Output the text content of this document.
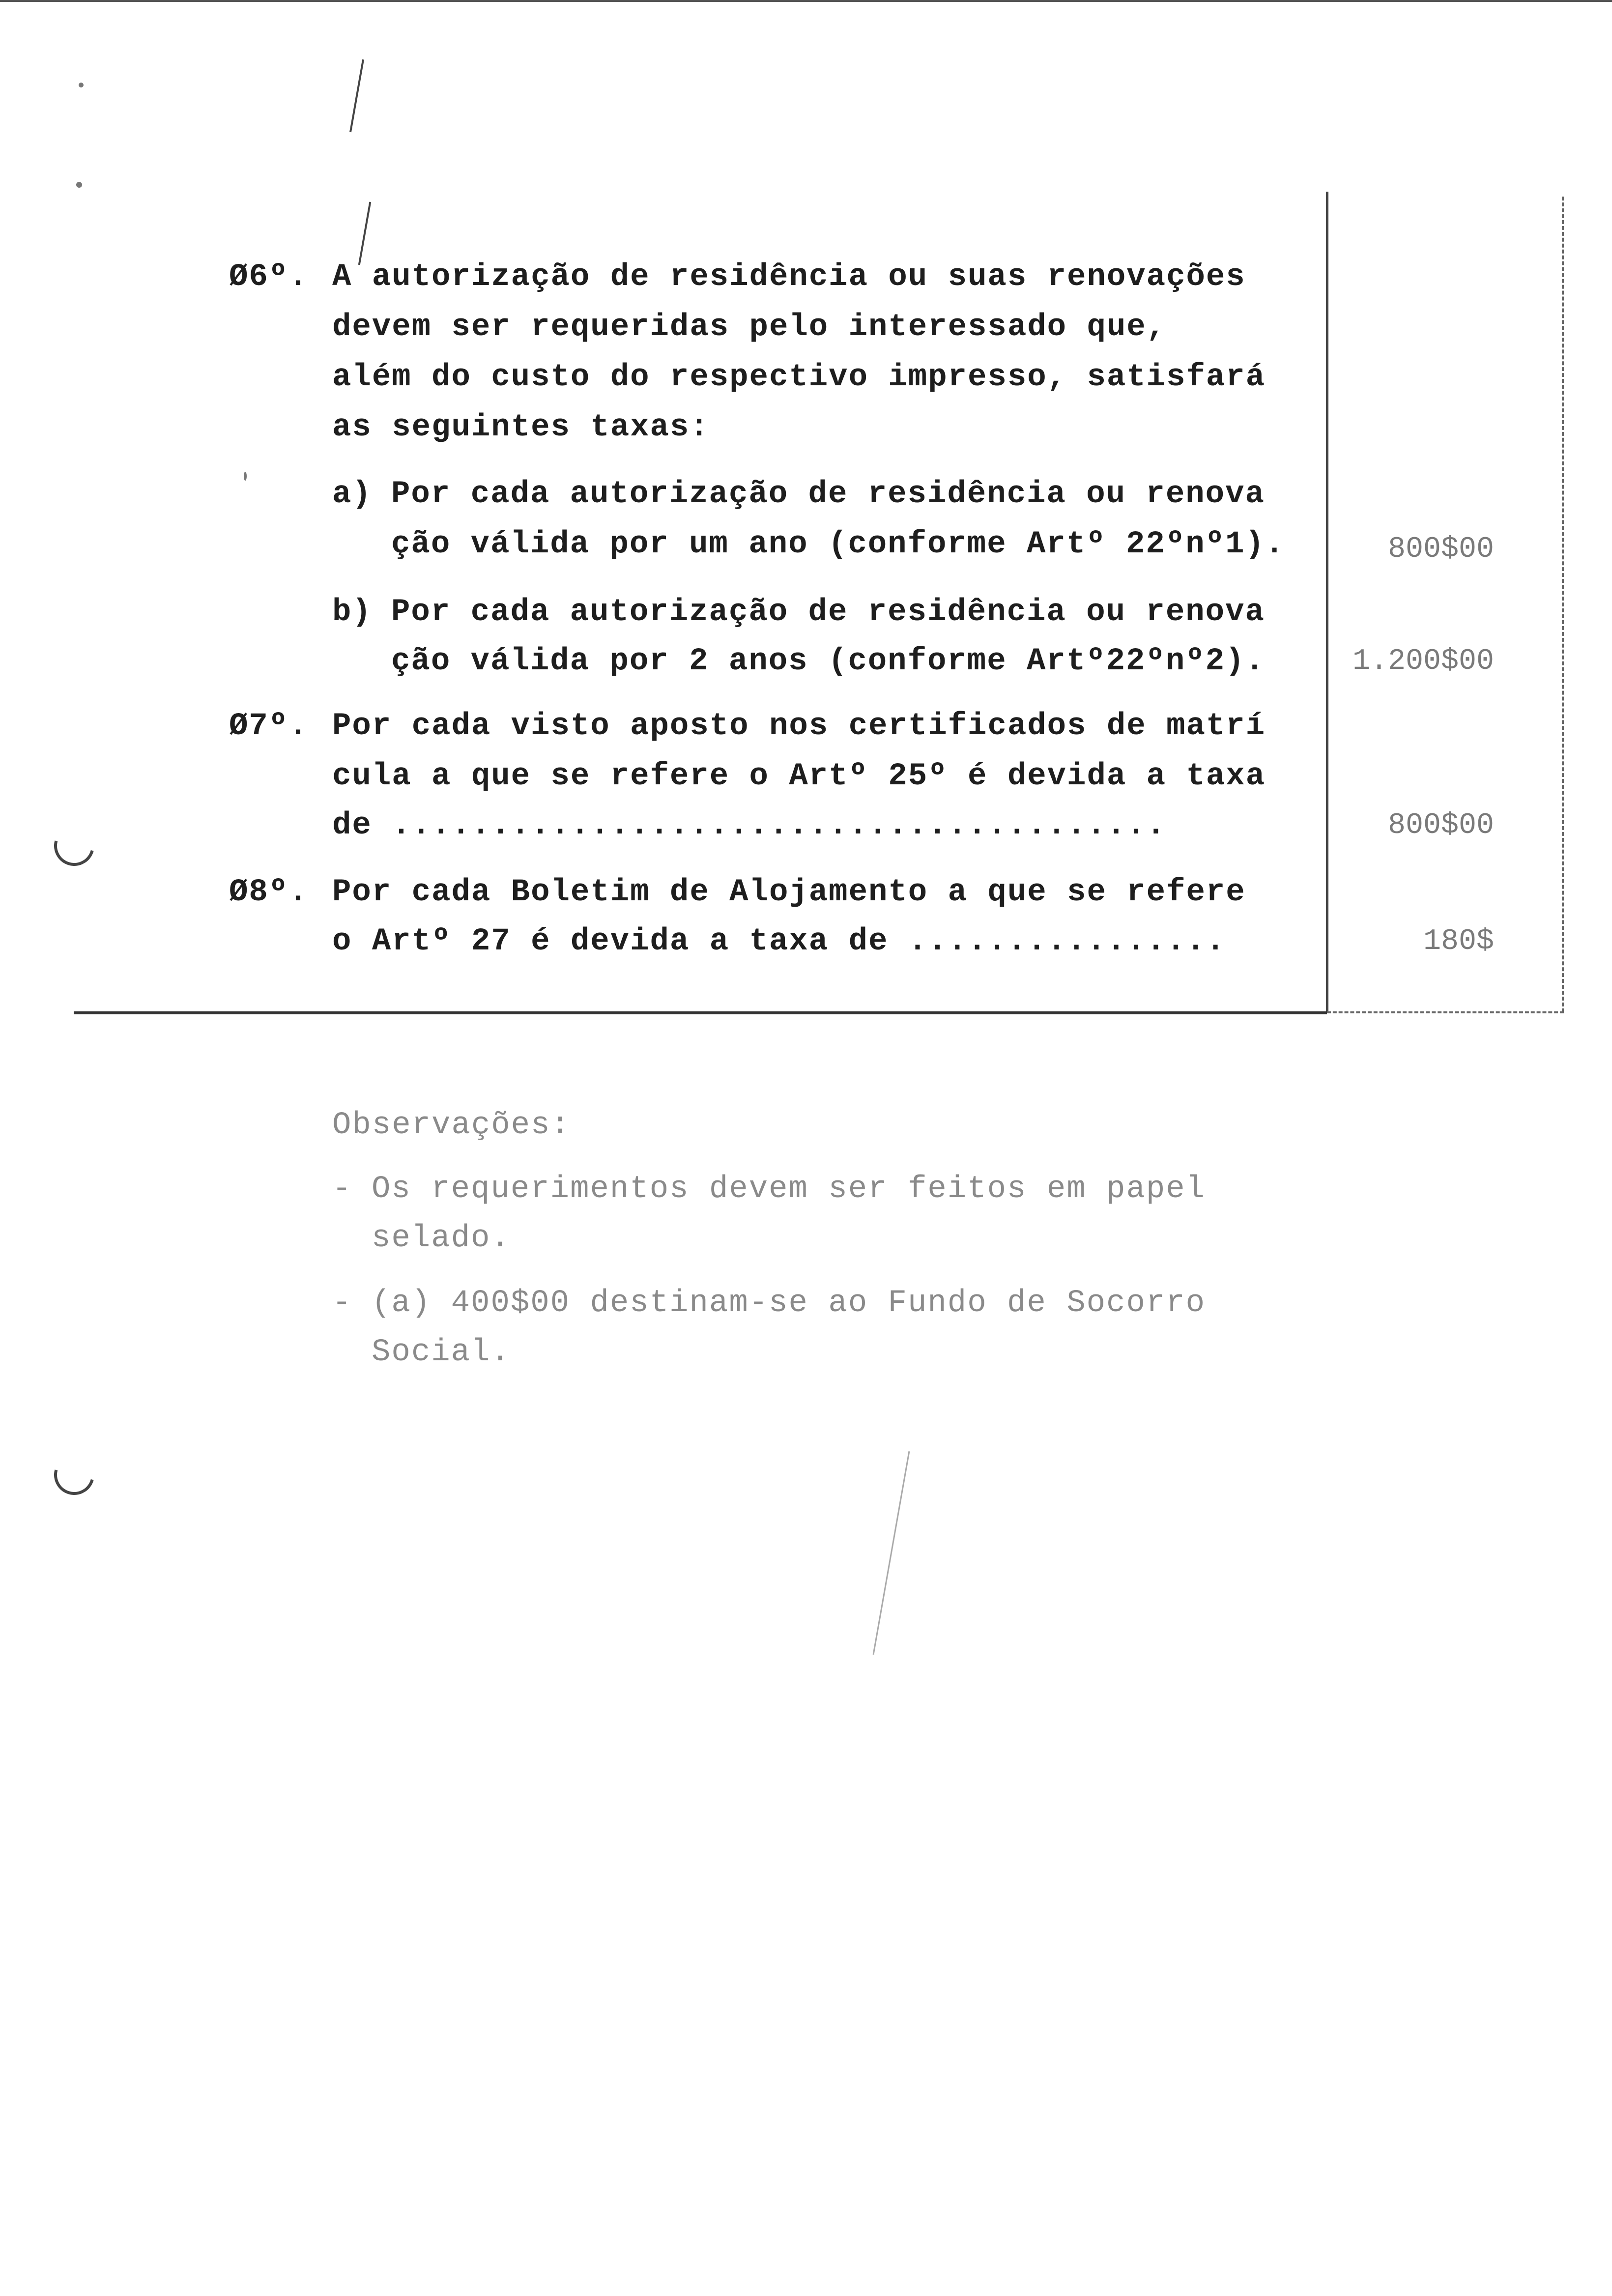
Ø6º. A autorização de residência ou suas renovações
devem ser requeridas pelo interessado que,
além do custo do respectivo impresso, satisfará
as seguintes taxas:
a) Por cada autorização de residência ou renova
ção válida por um ano (conforme Artº 22ºnº1).	800$00
b) Por cada autorização de residência ou renova
ção válida por 2 anos (conforme Artº22ºnº2).	1.200$00
Ø7º. Por cada visto aposto nos certificados de matrí
cula a que se refere o Artº 25º é devida a taxa
de .......................................	800$00
Ø8º. Por cada Boletim de Alojamento a que se refere
o Artº 27 é devida a taxa de ................	180$
Observações:
- Os requerimentos devem ser feitos em papel
selado.
- (a) 400$00 destinam-se ao Fundo de Socorro
Social.
